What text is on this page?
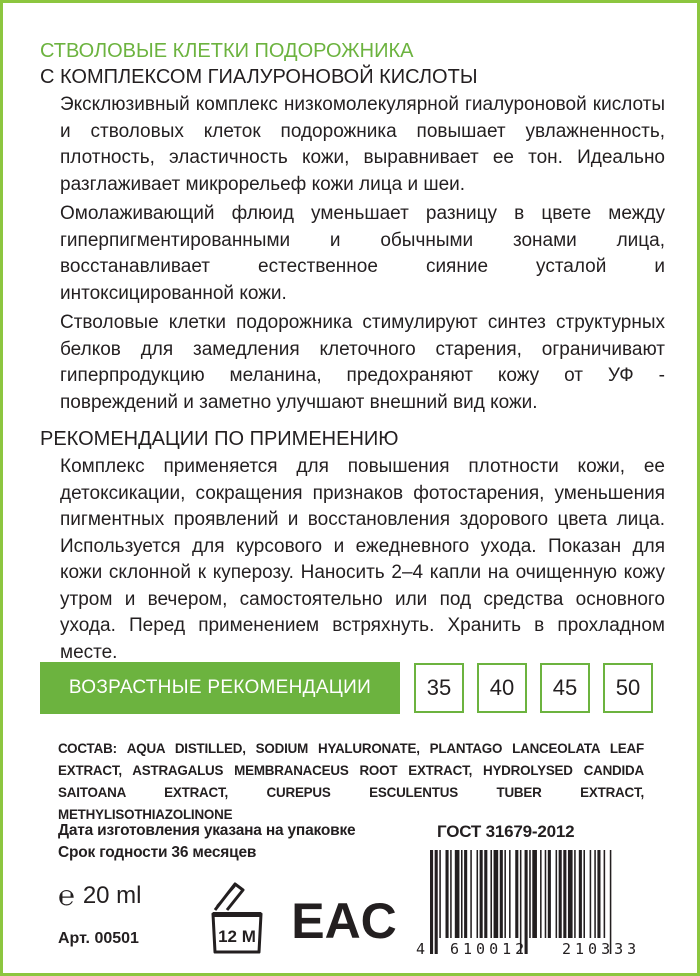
СТВОЛОВЫЕ КЛЕТКИ ПОДОРОЖНИКА
С КОМПЛЕКСОМ ГИАЛУРОНОВОЙ КИСЛОТЫ

Эксклюзивный комплекс низкомолекулярной гиалуроновой кислоты и стволовых клеток подорожника повышает увлажненность, плотность, эластичность кожи, выравнивает ее тон. Идеально разглаживает микрорельеф кожи лица и шеи.

Омолаживающий флюид уменьшает разницу в цвете между гиперпигментированными и обычными зонами лица, восстанавливает естественное сияние усталой и интоксицированной кожи.

Стволовые клетки подорожника стимулируют синтез структурных белков для замедления клеточного старения, ограничивают гиперпродукцию меланина, предохраняют кожу от УФ - повреждений и заметно улучшают внешний вид кожи.

РЕКОМЕНДАЦИИ ПО ПРИМЕНЕНИЮ

Комплекс применяется для повышения плотности кожи, ее детоксикации, сокращения признаков фотостарения, уменьшения пигментных проявлений и восстановления здорового цвета лица. Используется для курсового и ежедневного ухода. Показан для кожи склонной к куперозу. Наносить 2–4 капли на очищенную кожу утром и вечером, самостоятельно или под средства основного ухода. Перед применением встряхнуть. Хранить в прохладном месте.

ВОЗРАСТНЫЕ РЕКОМЕНДАЦИИ	35	40	45	50
СОСТАВ: AQUA DISTILLED, SODIUM HYALURONATE, PLANTAGO LANCEOLATA LEAF EXTRACT, ASTRAGALUS MEMBRANACEUS ROOT EXTRACT, HYDROLYSED CANDIDA SAITOANA EXTRACT, CUREPUS ESCULENTUS TUBER EXTRACT, METHYLISOTHIAZOLINONE
Дата изготовления указана на упаковке
Срок годности 36 месяцев
℮ 20 ml
Арт. 00501	12 M EAC
ГОСТ 31679-2012
4 610012 210333
